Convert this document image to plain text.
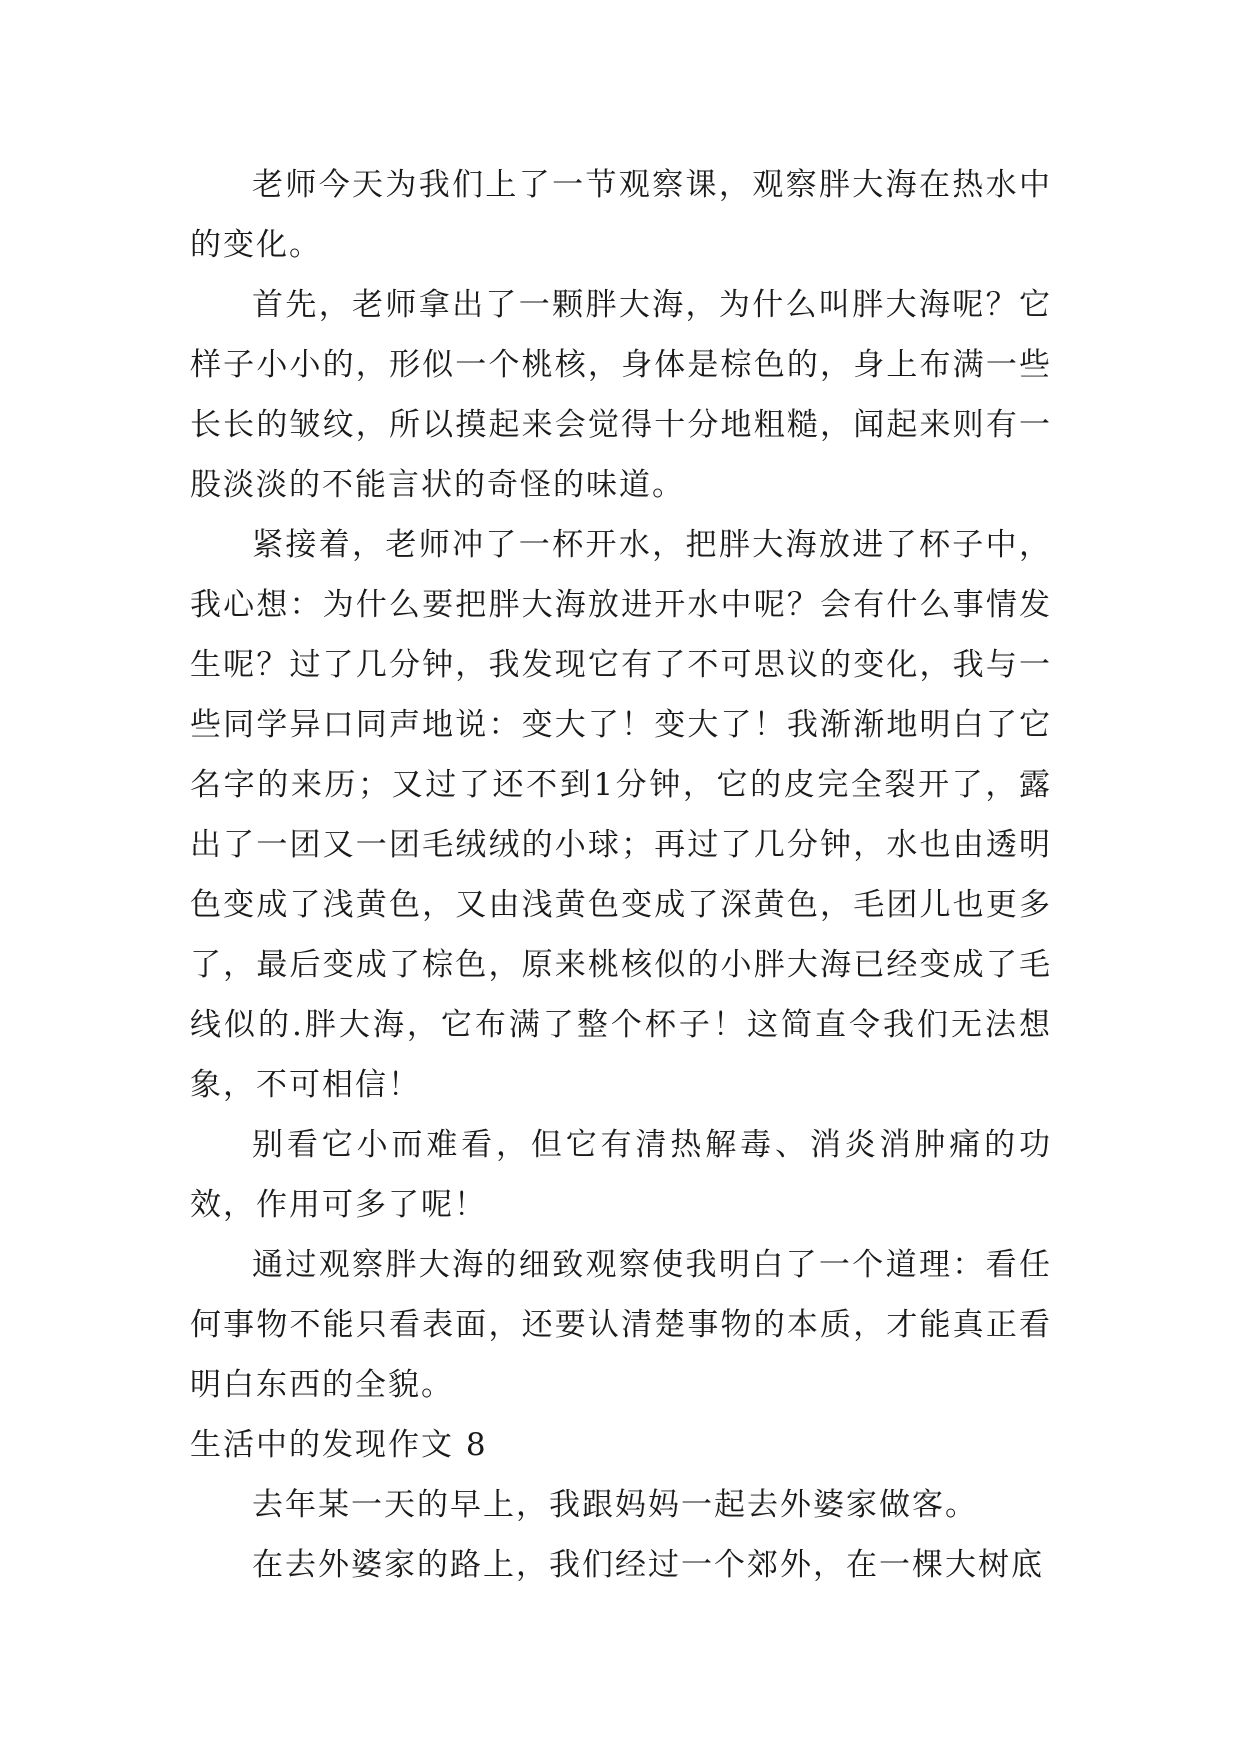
老师今天为我们上了一节观察课，观察胖大海在热水中的变化。

首先，老师拿出了一颗胖大海，为什么叫胖大海呢？它样子小小的，形似一个桃核，身体是棕色的，身上布满一些长长的皱纹，所以摸起来会觉得十分地粗糙，闻起来则有一股淡淡的不能言状的奇怪的味道。

紧接着，老师冲了一杯开水，把胖大海放进了杯子中，我心想：为什么要把胖大海放进开水中呢？会有什么事情发生呢？过了几分钟，我发现它有了不可思议的变化，我与一些同学异口同声地说：变大了！变大了！我渐渐地明白了它名字的来历；又过了还不到1分钟，它的皮完全裂开了，露出了一团又一团毛绒绒的小球；再过了几分钟，水也由透明色变成了浅黄色，又由浅黄色变成了深黄色，毛团儿也更多了，最后变成了棕色，原来桃核似的小胖大海已经变成了毛线似的.胖大海，它布满了整个杯子！这简直令我们无法想象，不可相信！

别看它小而难看，但它有清热解毒、消炎消肿痛的功效，作用可多了呢！

通过观察胖大海的细致观察使我明白了一个道理：看任何事物不能只看表面，还要认清楚事物的本质，才能真正看明白东西的全貌。

生活中的发现作文 8

去年某一天的早上，我跟妈妈一起去外婆家做客。

在去外婆家的路上，我们经过一个郊外，在一棵大树底
